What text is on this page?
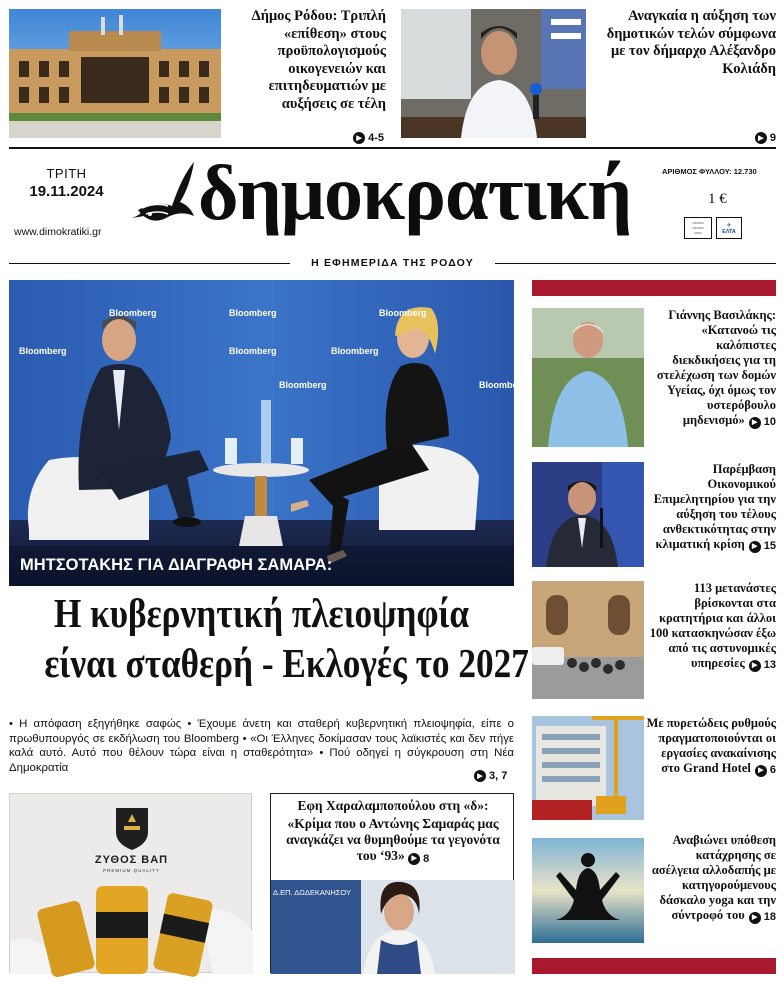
Δήμος Ρόδου: Τριπλή «επίθεση» στους προϋπολογισμούς οικογενειών και επιτηδευματιών με αυξήσεις σε τέλη
▶ 4-5
Αναγκαία η αύξηση των δημοτικών τελών σύμφωνα με τον δήμαρχο Αλέξανδρο Κολιάδη
▶ 9
ΤΡΙΤΗ
19.11.2024
www.dimokratiki.gr δημοκρατική	ΑΡΙΘΜΟΣ ΦΥΛΛΟΥ: 12.730
1 €
▭▭▭
▭▭▭
▭▭
✈
ΕΛΤΑ
Η ΕΦΗΜΕΡΙΔΑ ΤΗΣ ΡΟΔΟΥ
Bloomberg	Bloomberg	Bloomberg
Bloomberg	Bloomberg	Bloomberg
Bloomberg	Bloomberg
ΜΗΤΣΟΤΑΚΗΣ ΓΙΑ ΔΙΑΓΡΑΦΗ ΣΑΜΑΡΑ:
Η κυβερνητική πλειοψηφία
είναι σταθερή - Εκλογές το 2027
• Η απόφαση εξηγήθηκε σαφώς • Έχουμε άνετη και σταθερή κυβερνητική πλειοψηφία, είπε ο πρωθυπουργός σε εκδήλωση του Bloomberg • «Οι Έλληνες δοκίμασαν τους λαϊκιστές και δεν πήγε καλά αυτό. Αυτό που θέλουν τώρα είναι η σταθερότητα» • Πού οδηγεί η σύγκρουση στη Νέα Δημοκρατία
▶ 3, 7
ΖΥΘΟΣ ΒΑΠ
PREMIUM QUALITY
Εφη Χαραλαμποπούλου στη «δ»:
«Κρίμα που ο Αντώνης Σαμαράς μας αναγκάζει να θυμηθούμε τα γεγονότα του ‘93» ▶ 8
Δ.ΕΠ. ΔΩΔΕΚΑΝΗΣΟΥ
Γιάννης Βασιλάκης: «Κατανοώ τις καλόπιστες διεκδικήσεις για τη στελέχωση των δομών Υγείας, όχι όμως τον υστερόβουλο μηδενισμό»	▶ 10
Παρέμβαση Οικονομικού Επιμελητηρίου για την αύξηση του τέλους ανθεκτικότητας στην κλιματική κρίση	▶ 15
113 μετανάστες βρίσκονται στα κρατητήρια και άλλοι 100 κατασκηνώσαν έξω από τις αστυνομικές υπηρεσίες	▶ 13
Με πυρετώδεις ρυθμούς πραγματοποιούνται οι εργασίες ανακαίνισης στο Grand Hotel	▶ 6
Αναβιώνει υπόθεση κατάχρησης σε ασέλγεια αλλοδαπής με κατηγορούμενους δάσκαλο yoga και την σύντροφό του	▶ 18
